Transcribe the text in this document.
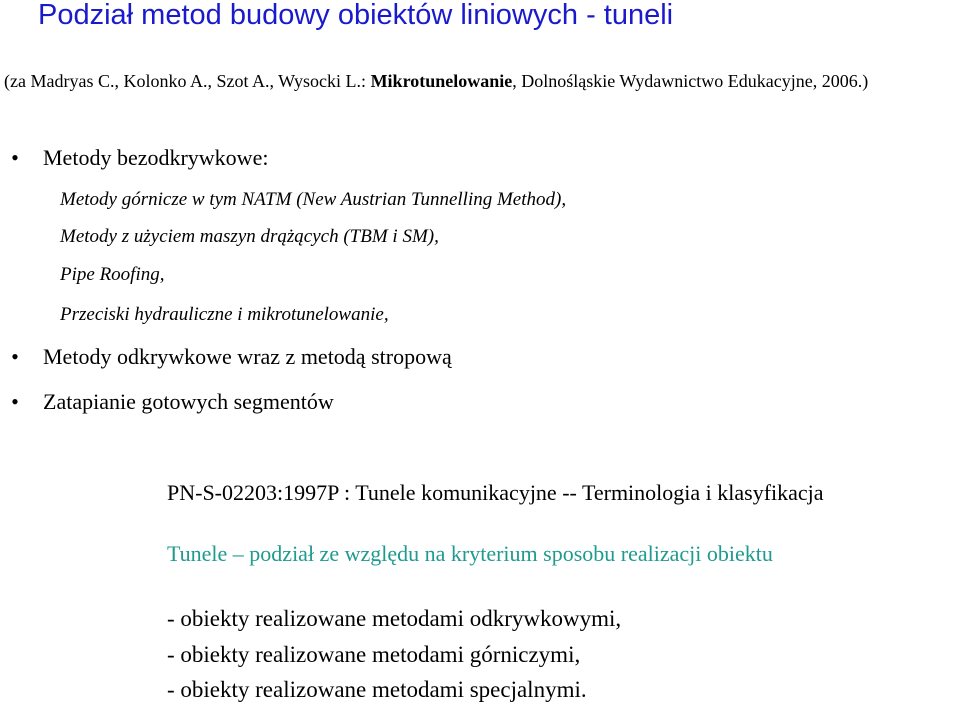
Podział metod budowy obiektów liniowych - tuneli
(za Madryas C., Kolonko A., Szot A., Wysocki L.: Mikrotunelowanie, Dolnośląskie Wydawnictwo Edukacyjne, 2006.)
•	Metody bezodkrywkowe:
Metody górnicze w tym NATM (New Austrian Tunnelling Method),
Metody z użyciem maszyn drążących (TBM i SM),
Pipe Roofing,
Przeciski hydrauliczne i mikrotunelowanie,
•	Metody odkrywkowe wraz z metodą stropową
•	Zatapianie gotowych segmentów
PN-S-02203:1997P : Tunele komunikacyjne -- Terminologia i klasyfikacja
Tunele – podział ze względu na kryterium sposobu realizacji obiektu
- obiekty realizowane metodami odkrywkowymi,
- obiekty realizowane metodami górniczymi,
- obiekty realizowane metodami specjalnymi.
